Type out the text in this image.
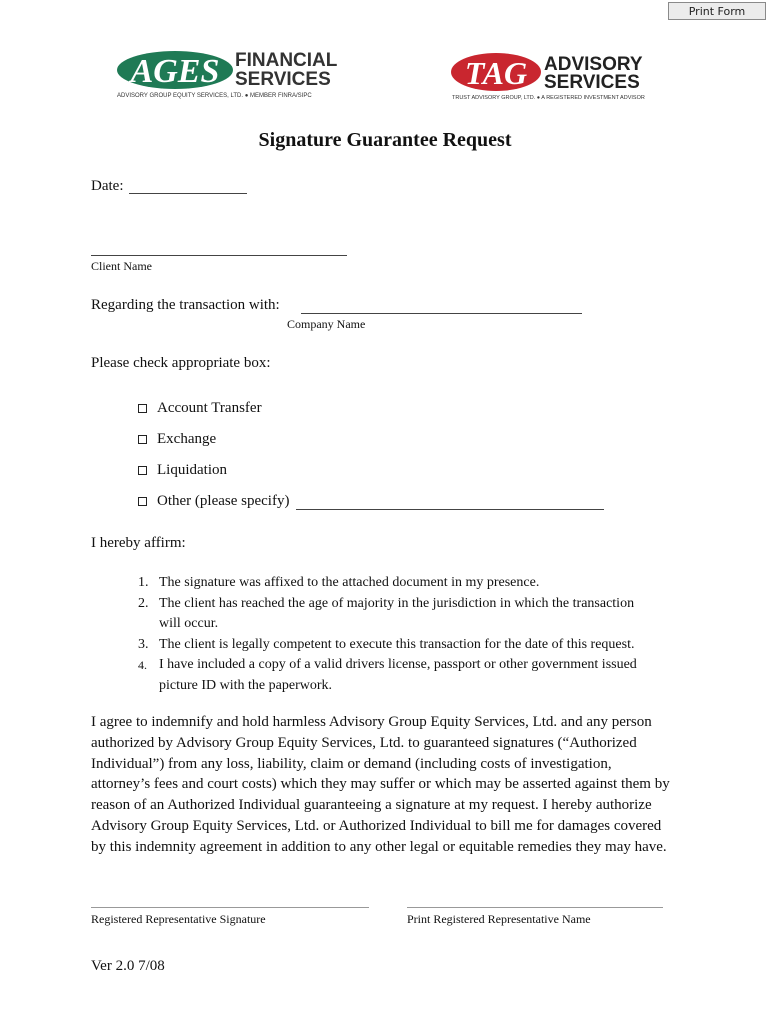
Print Form
AGES FINANCIAL
SERVICES
ADVISORY GROUP EQUITY SERVICES, LTD. ● MEMBER FINRA/SIPC
TAG ADVISORY
SERVICES
TRUST ADVISORY GROUP, LTD. ● A REGISTERED INVESTMENT ADVISOR
Signature Guarantee Request
Date:
Client Name
Regarding the transaction with:
Company Name
Please check appropriate box:
Account Transfer
Exchange
Liquidation
Other (please specify)
I hereby affirm:
1. The signature was affixed to the attached document in my presence.
2. The client has reached the age of majority in the jurisdiction in which the transaction
will occur.
3. The client is legally competent to execute this transaction for the date of this request.
4. I have included a copy of a valid drivers license, passport or other government issued
picture ID with the paperwork.
I agree to indemnify and hold harmless Advisory Group Equity Services, Ltd. and any person
authorized by Advisory Group Equity Services, Ltd. to guaranteed signatures (“Authorized
Individual”) from any loss, liability, claim or demand (including costs of investigation,
attorney’s fees and court costs) which they may suffer or which may be asserted against them by
reason of an Authorized Individual guaranteeing a signature at my request. I hereby authorize
Advisory Group Equity Services, Ltd. or Authorized Individual to bill me for damages covered
by this indemnity agreement in addition to any other legal or equitable remedies they may have.
Registered Representative Signature	Print Registered Representative Name
Ver 2.0 7/08
